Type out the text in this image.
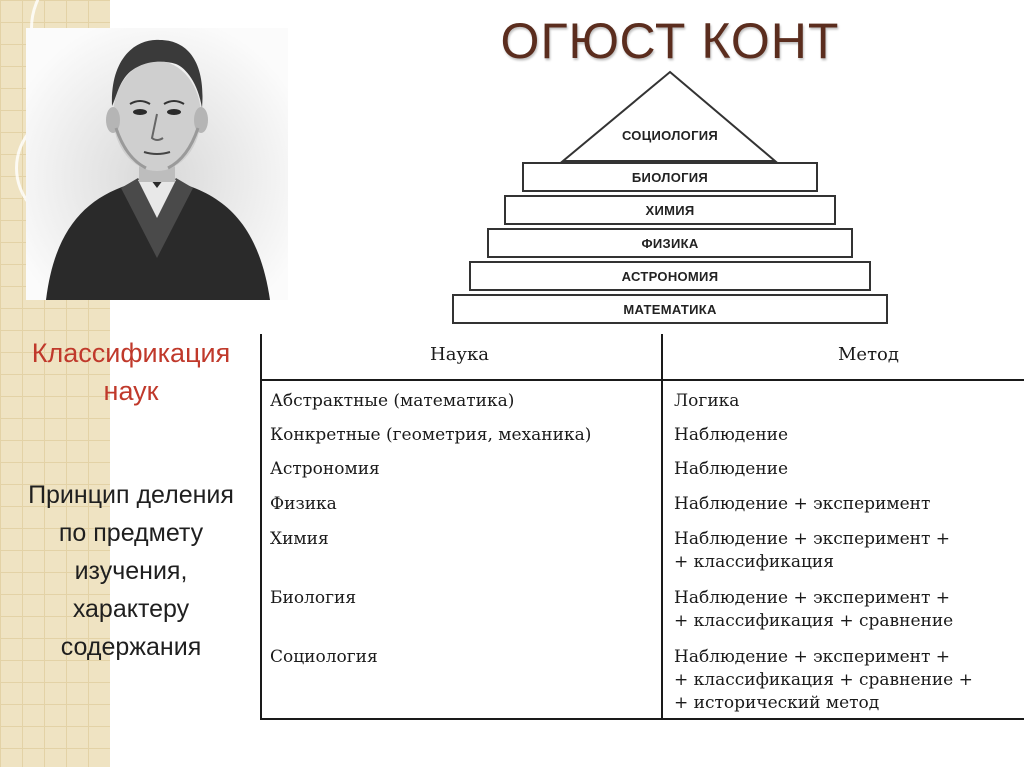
ОГЮСТ КОНТ
Классификация
наук
Принцип деления
по предмету
изучения,
характеру
содержания
СОЦИОЛОГИЯ
БИОЛОГИЯ
ХИМИЯ
ФИЗИКА
АСТРОНОМИЯ
МАТЕМАТИКА
Наука	Метод
Абстрактные (математика)	Логика
Конкретные (геометрия, механика)	Наблюдение
Астрономия	Наблюдение
Физика	Наблюдение + эксперимент
Химия	Наблюдение + эксперимент +
+ классификация
Биология	Наблюдение + эксперимент +
+ классификация + сравнение
Социология	Наблюдение + эксперимент +
+ классификация + сравнение +
+ исторический метод
